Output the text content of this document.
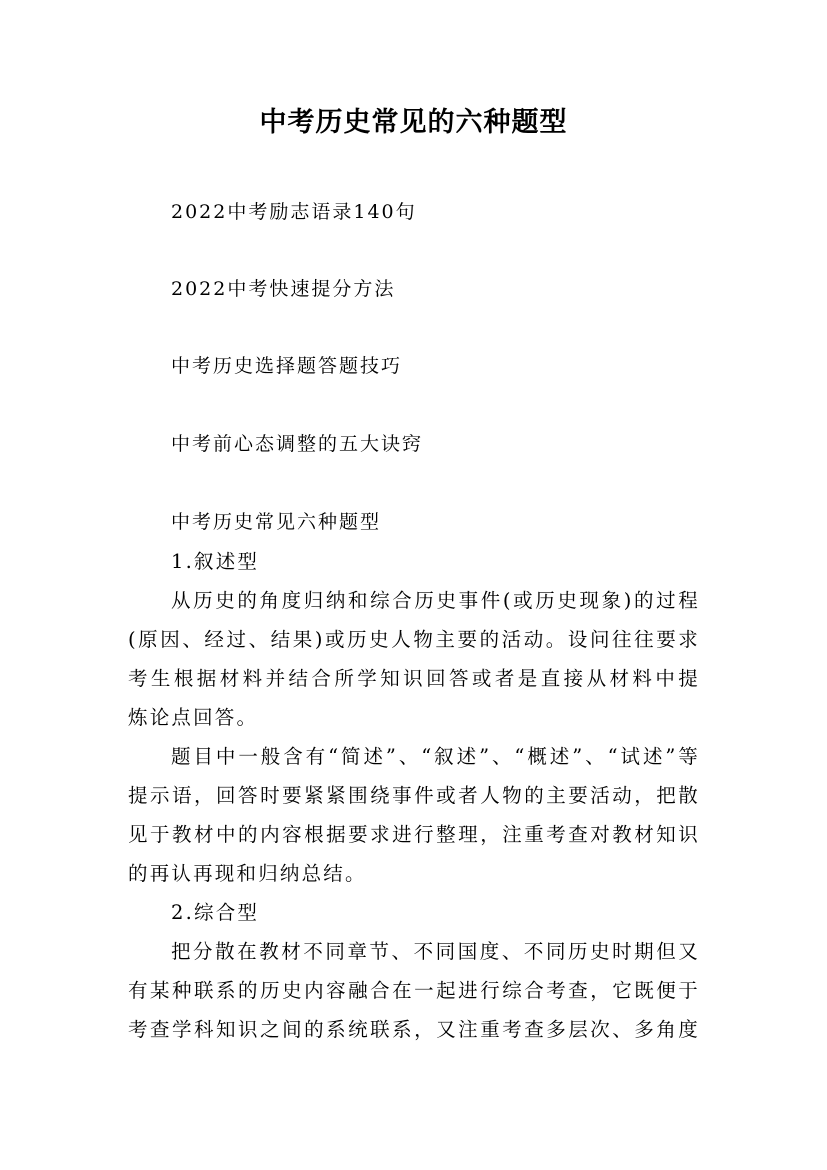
中考历史常见的六种题型
2022中考励志语录140句
2022中考快速提分方法
中考历史选择题答题技巧
中考前心态调整的五大诀窍
中考历史常见六种题型
1.叙述型
从历史的角度归纳和综合历史事件(或历史现象)的过程
(原因、经过、结果)或历史人物主要的活动。设问往往要求
考生根据材料并结合所学知识回答或者是直接从材料中提
炼论点回答。
题目中一般含有“简述”、“叙述”、“概述”、“试述”等
提示语，回答时要紧紧围绕事件或者人物的主要活动，把散
见于教材中的内容根据要求进行整理，注重考查对教材知识
的再认再现和归纳总结。
2.综合型
把分散在教材不同章节、不同国度、不同历史时期但又
有某种联系的历史内容融合在一起进行综合考查，它既便于
考查学科知识之间的系统联系，又注重考查多层次、多角度
